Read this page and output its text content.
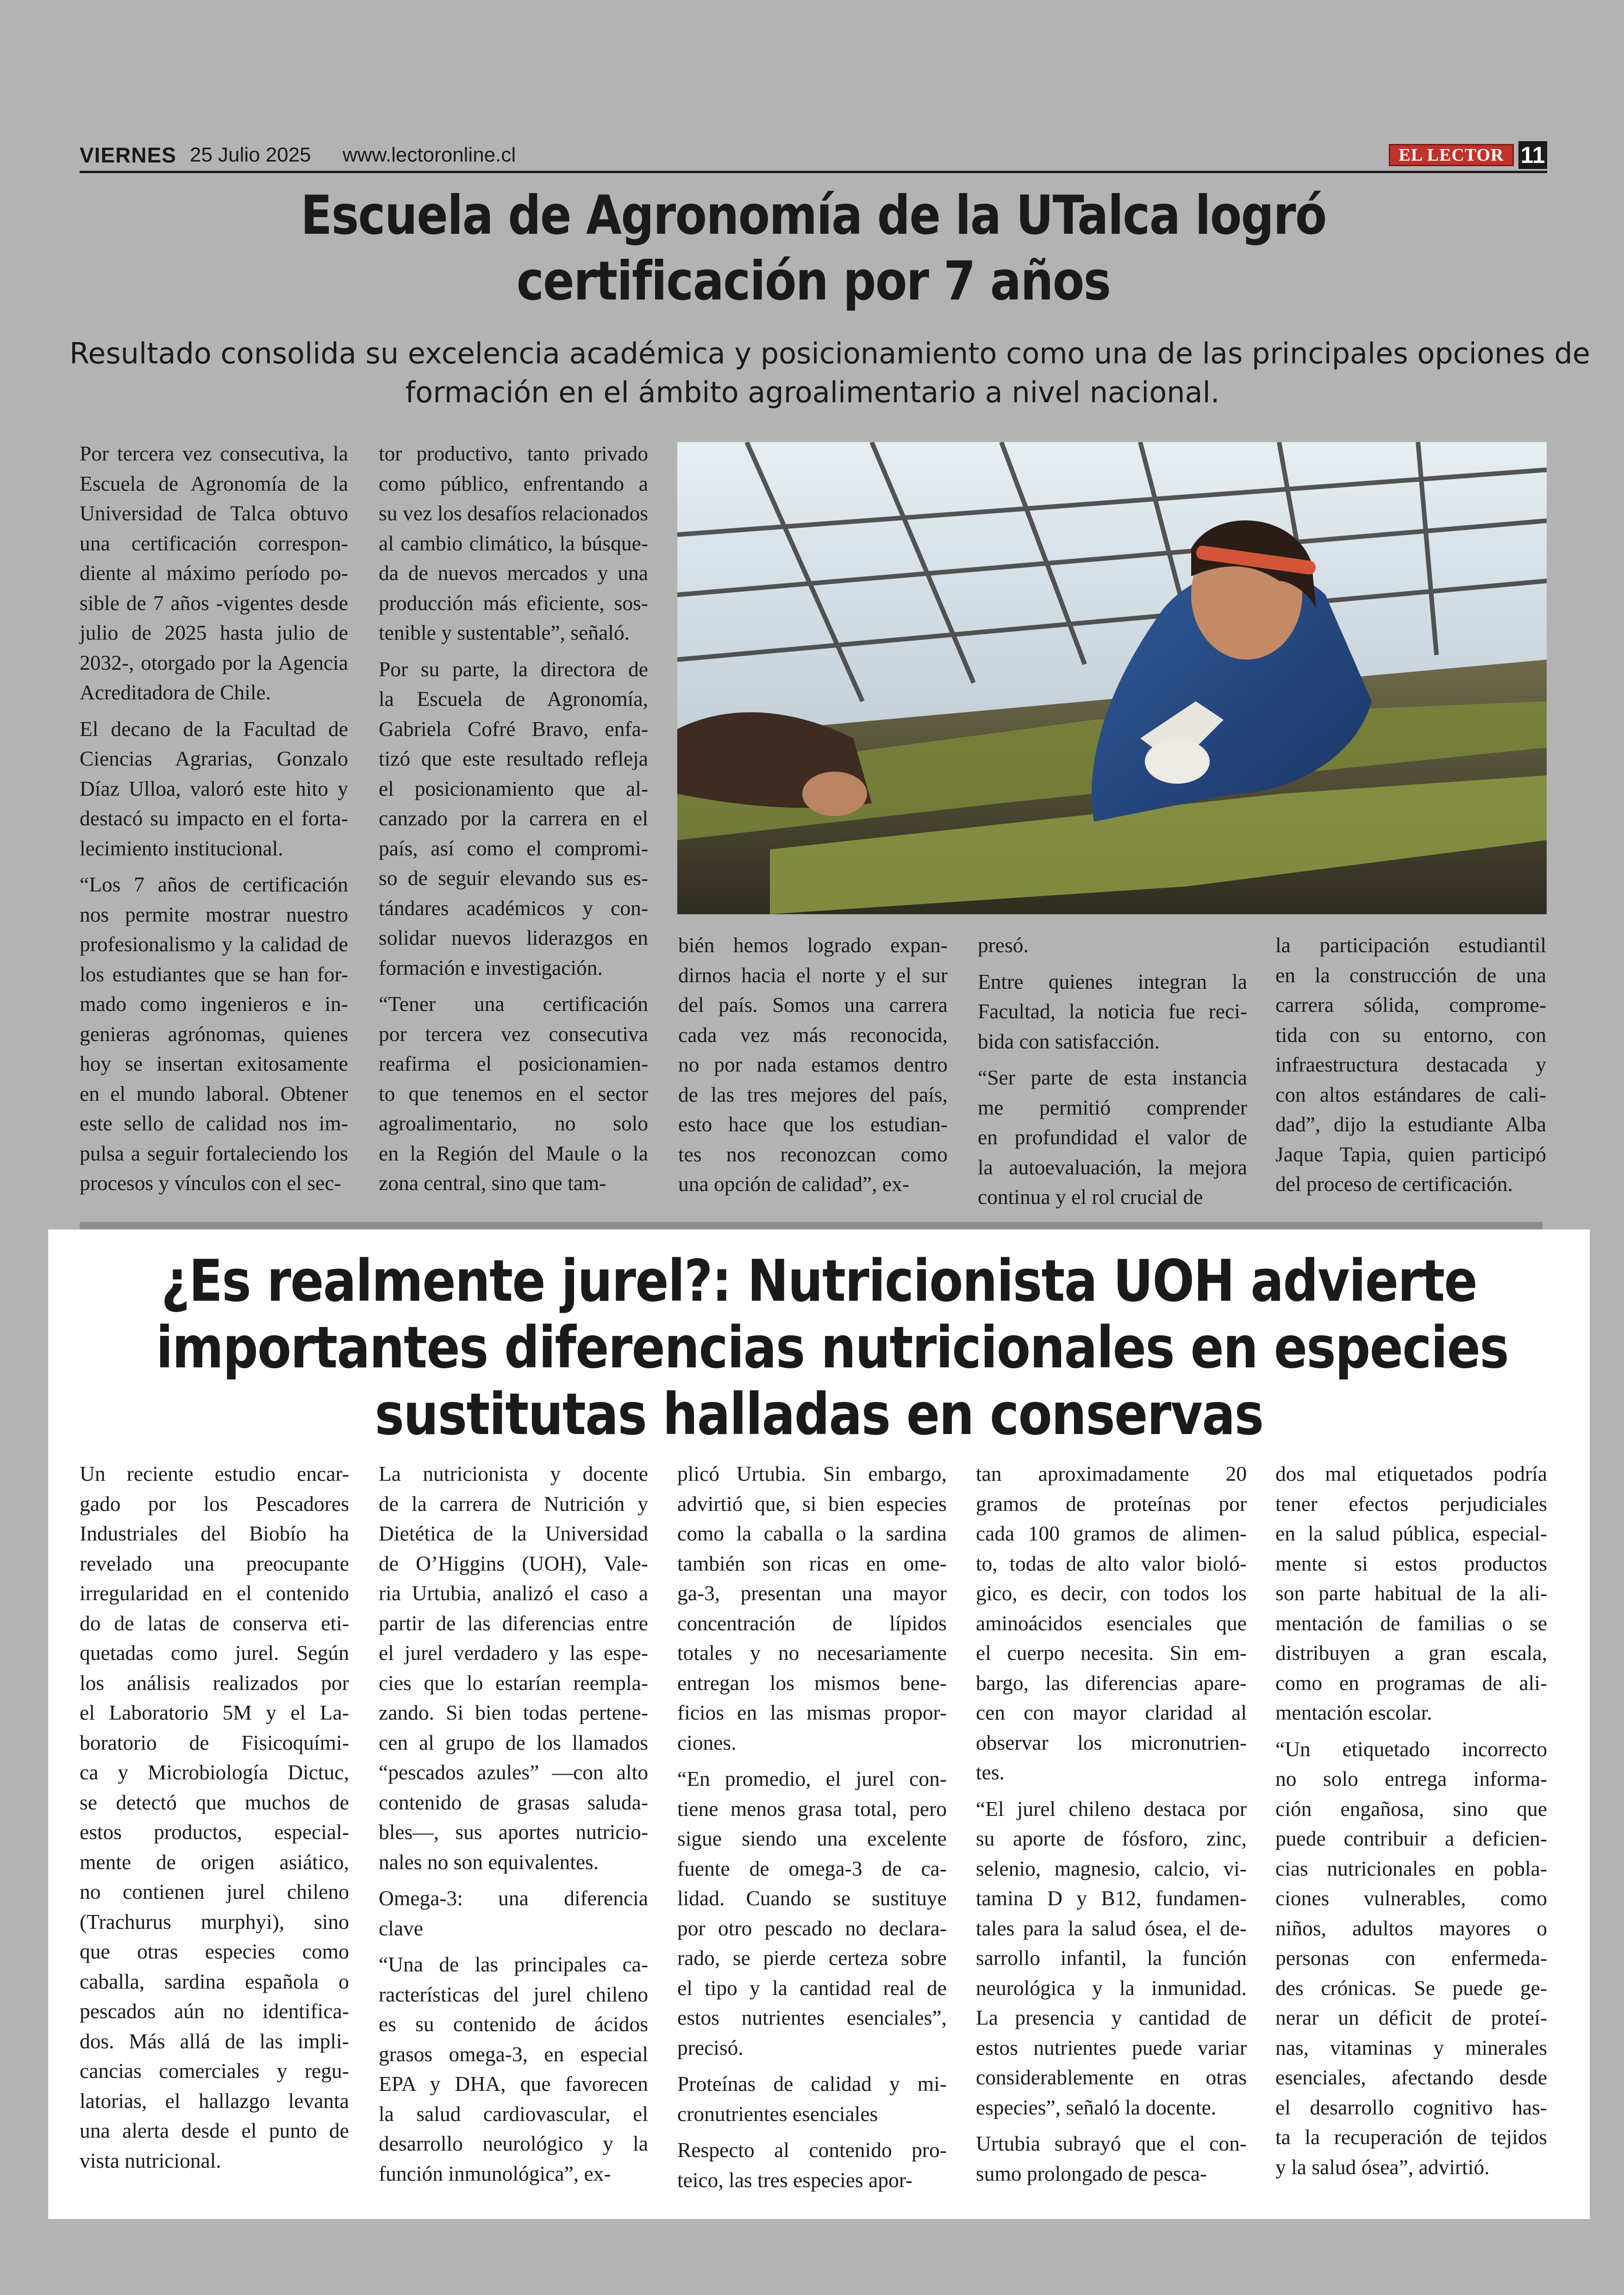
VIERNES 25 Julio 2025 www.lectoronline.cl	EL LECTOR 11
Escuela de Agronomía de la UTalca logró
certificación por 7 años
Resultado consolida su excelencia académica y posicionamiento como una de las principales opciones de
formación en el ámbito agroalimentario a nivel nacional.

Por tercera vez consecutiva, la
Escuela de Agronomía de la
Universidad de Talca obtuvo
una certificación correspon-
diente al máximo período po-
sible de 7 años -vigentes desde
julio de 2025 hasta julio de
2032-, otorgado por la Agencia
Acreditadora de Chile.

El decano de la Facultad de
Ciencias Agrarias, Gonzalo
Díaz Ulloa, valoró este hito y
destacó su impacto en el forta-
lecimiento institucional.

“Los 7 años de certificación
nos permite mostrar nuestro
profesionalismo y la calidad de
los estudiantes que se han for-
mado como ingenieros e in-
genieras agrónomas, quienes
hoy se insertan exitosamente
en el mundo laboral. Obtener
este sello de calidad nos im-
pulsa a seguir fortaleciendo los
procesos y vínculos con el sec-

tor productivo, tanto privado
como público, enfrentando a
su vez los desafíos relacionados
al cambio climático, la búsque-
da de nuevos mercados y una
producción más eficiente, sos-
tenible y sustentable”, señaló.

Por su parte, la directora de
la Escuela de Agronomía,
Gabriela Cofré Bravo, enfa-
tizó que este resultado refleja
el posicionamiento que al-
canzado por la carrera en el
país, así como el compromi-
so de seguir elevando sus es-
tándares académicos y con-
solidar nuevos liderazgos en
formación e investigación.

“Tener una certificación
por tercera vez consecutiva
reafirma el posicionamien-
to que tenemos en el sector
agroalimentario, no solo
en la Región del Maule o la
zona central, sino que tam-

bién hemos logrado expan-
dirnos hacia el norte y el sur
del país. Somos una carrera
cada vez más reconocida,
no por nada estamos dentro
de las tres mejores del país,
esto hace que los estudian-
tes nos reconozcan como
una opción de calidad”, ex-

presó.

Entre quienes integran la
Facultad, la noticia fue reci-
bida con satisfacción.

“Ser parte de esta instancia
me permitió comprender
en profundidad el valor de
la autoevaluación, la mejora
continua y el rol crucial de

la participación estudiantil
en la construcción de una
carrera sólida, comprome-
tida con su entorno, con
infraestructura destacada y
con altos estándares de cali-
dad”, dijo la estudiante Alba
Jaque Tapia, quien participó
del proceso de certificación.

¿Es realmente jurel?: Nutricionista UOH advierte
importantes diferencias nutricionales en especies
sustitutas halladas en conservas

Un reciente estudio encar-
gado por los Pescadores
Industriales del Biobío ha
revelado una preocupante
irregularidad en el contenido
do de latas de conserva eti-
quetadas como jurel. Según
los análisis realizados por
el Laboratorio 5M y el La-
boratorio de Fisicoquími-
ca y Microbiología Dictuc,
se detectó que muchos de
estos productos, especial-
mente de origen asiático,
no contienen jurel chileno
(Trachurus murphyi), sino
que otras especies como
caballa, sardina española o
pescados aún no identifica-
dos. Más allá de las impli-
cancias comerciales y regu-
latorias, el hallazgo levanta
una alerta desde el punto de
vista nutricional.

La nutricionista y docente
de la carrera de Nutrición y
Dietética de la Universidad
de O’Higgins (UOH), Vale-
ria Urtubia, analizó el caso a
partir de las diferencias entre
el jurel verdadero y las espe-
cies que lo estarían reempla-
zando. Si bien todas pertene-
cen al grupo de los llamados
“pescados azules” —con alto
contenido de grasas saluda-
bles—, sus aportes nutricio-
nales no son equivalentes.

Omega-3: una diferencia
clave

“Una de las principales ca-
racterísticas del jurel chileno
es su contenido de ácidos
grasos omega-3, en especial
EPA y DHA, que favorecen
la salud cardiovascular, el
desarrollo neurológico y la
función inmunológica”, ex-

plicó Urtubia. Sin embargo,
advirtió que, si bien especies
como la caballa o la sardina
también son ricas en ome-
ga-3, presentan una mayor
concentración de lípidos
totales y no necesariamente
entregan los mismos bene-
ficios en las mismas propor-
ciones.

“En promedio, el jurel con-
tiene menos grasa total, pero
sigue siendo una excelente
fuente de omega-3 de ca-
lidad. Cuando se sustituye
por otro pescado no declara-
rado, se pierde certeza sobre
el tipo y la cantidad real de
estos nutrientes esenciales”,
precisó.

Proteínas de calidad y mi-
cronutrientes esenciales

Respecto al contenido pro-
teico, las tres especies apor-

tan aproximadamente 20
gramos de proteínas por
cada 100 gramos de alimen-
to, todas de alto valor bioló-
gico, es decir, con todos los
aminoácidos esenciales que
el cuerpo necesita. Sin em-
bargo, las diferencias apare-
cen con mayor claridad al
observar los micronutrien-
tes.

“El jurel chileno destaca por
su aporte de fósforo, zinc,
selenio, magnesio, calcio, vi-
tamina D y B12, fundamen-
tales para la salud ósea, el de-
sarrollo infantil, la función
neurológica y la inmunidad.
La presencia y cantidad de
estos nutrientes puede variar
considerablemente en otras
especies”, señaló la docente.

Urtubia subrayó que el con-
sumo prolongado de pesca-

dos mal etiquetados podría
tener efectos perjudiciales
en la salud pública, especial-
mente si estos productos
son parte habitual de la ali-
mentación de familias o se
distribuyen a gran escala,
como en programas de ali-
mentación escolar.

“Un etiquetado incorrecto
no solo entrega informa-
ción engañosa, sino que
puede contribuir a deficien-
cias nutricionales en pobla-
ciones vulnerables, como
niños, adultos mayores o
personas con enfermeda-
des crónicas. Se puede ge-
nerar un déficit de proteí-
nas, vitaminas y minerales
esenciales, afectando desde
el desarrollo cognitivo has-
ta la recuperación de tejidos
y la salud ósea”, advirtió.
